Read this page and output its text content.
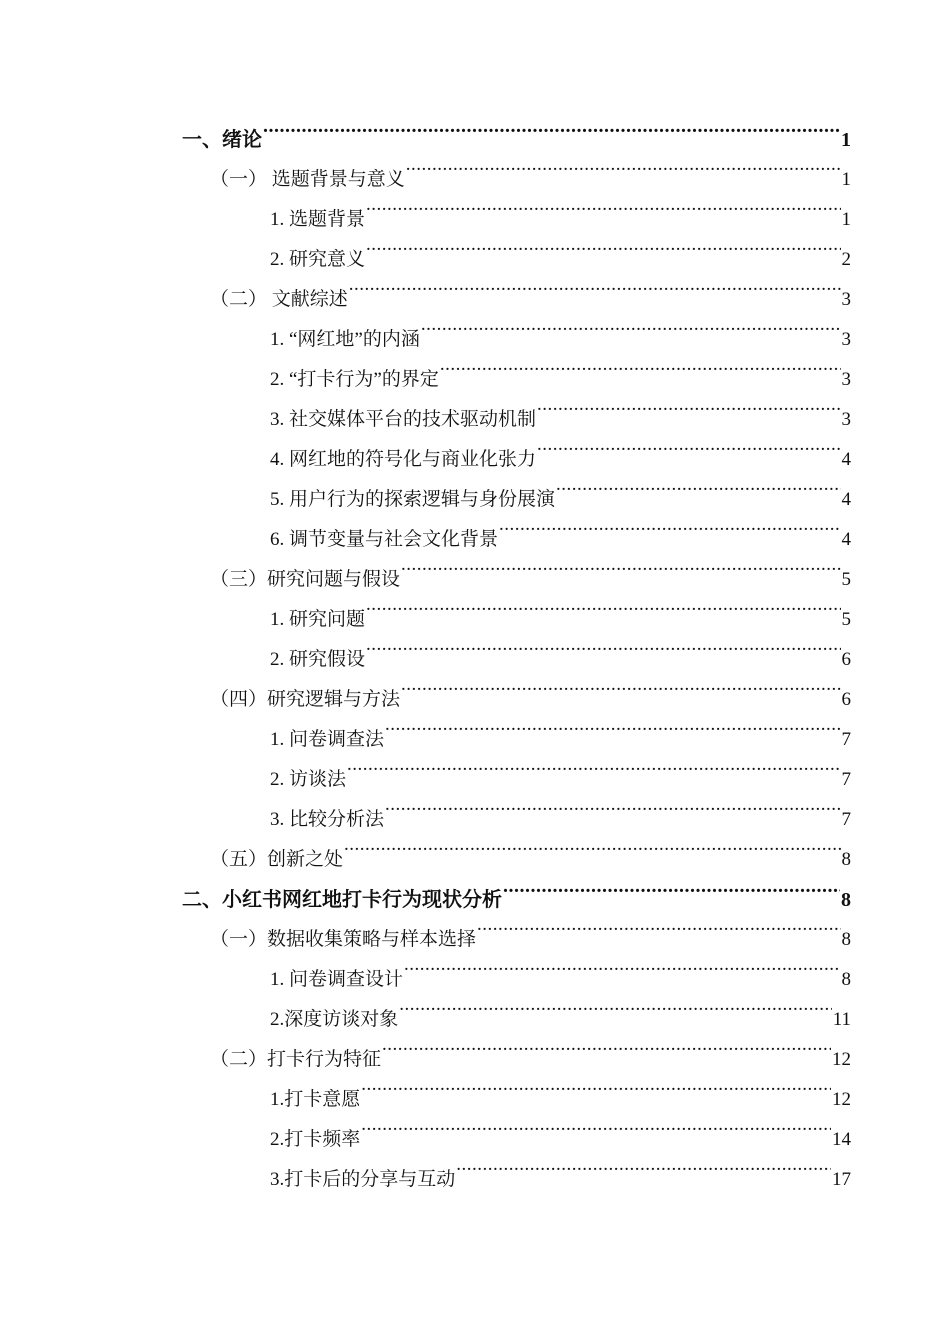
一、绪论 .....	1
（一） 选题背景与意义 .....	1
1. 选题背景 .....	1
2. 研究意义 .....	2
（二） 文献综述 .....	3
1. “网红地”的内涵 .....	3
2. “打卡行为”的界定 .....	3
3. 社交媒体平台的技术驱动机制 .....	3
4. 网红地的符号化与商业化张力 .....	4
5. 用户行为的探索逻辑与身份展演 .....	4
6. 调节变量与社会文化背景 .....	4
（三）研究问题与假设 .....	5
1. 研究问题 .....	5
2. 研究假设 .....	6
（四）研究逻辑与方法 .....	6
1. 问卷调查法 .....	7
2. 访谈法 .....	7
3. 比较分析法 .....	7
（五）创新之处 .....	8
二、小红书网红地打卡行为现状分析 .....	8
（一）数据收集策略与样本选择 .....	8
1. 问卷调查设计 .....	8
2.深度访谈对象 .....	11
（二）打卡行为特征 .....	12
1.打卡意愿 .....	12
2.打卡频率 .....	14
3.打卡后的分享与互动 .....	17
